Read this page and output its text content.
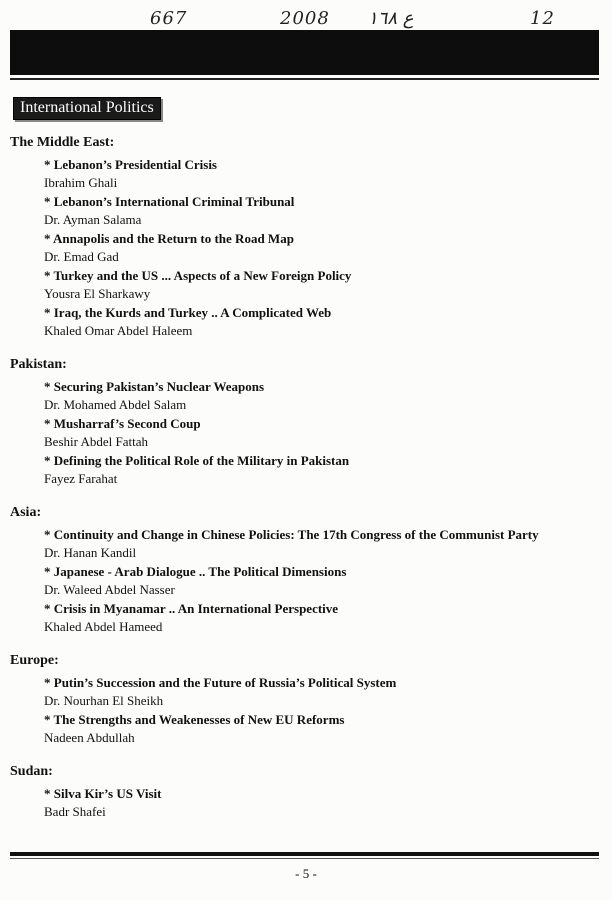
667	2008 ع ١٦٨	12
International Politics
The Middle East:
* Lebanon’s Presidential Crisis
Ibrahim Ghali
* Lebanon’s International Criminal Tribunal
Dr. Ayman Salama
* Annapolis and the Return to the Road Map
Dr. Emad Gad
* Turkey and the US ... Aspects of a New Foreign Policy
Yousra El Sharkawy
* Iraq, the Kurds and Turkey .. A Complicated Web
Khaled Omar Abdel Haleem
Pakistan:
* Securing Pakistan’s Nuclear Weapons
Dr. Mohamed Abdel Salam
* Musharraf’s Second Coup
Beshir Abdel Fattah
* Defining the Political Role of the Military in Pakistan
Fayez Farahat
Asia:
* Continuity and Change in Chinese Policies: The 17th Congress of the Communist Party
Dr. Hanan Kandil
* Japanese - Arab Dialogue .. The Political Dimensions
Dr. Waleed Abdel Nasser
* Crisis in Myanamar .. An International Perspective
Khaled Abdel Hameed
Europe:
* Putin’s Succession and the Future of Russia’s Political System
Dr. Nourhan El Sheikh
* The Strengths and Weakenesses of New EU Reforms
Nadeen Abdullah
Sudan:
* Silva Kir’s US Visit
Badr Shafei
- 5 -
